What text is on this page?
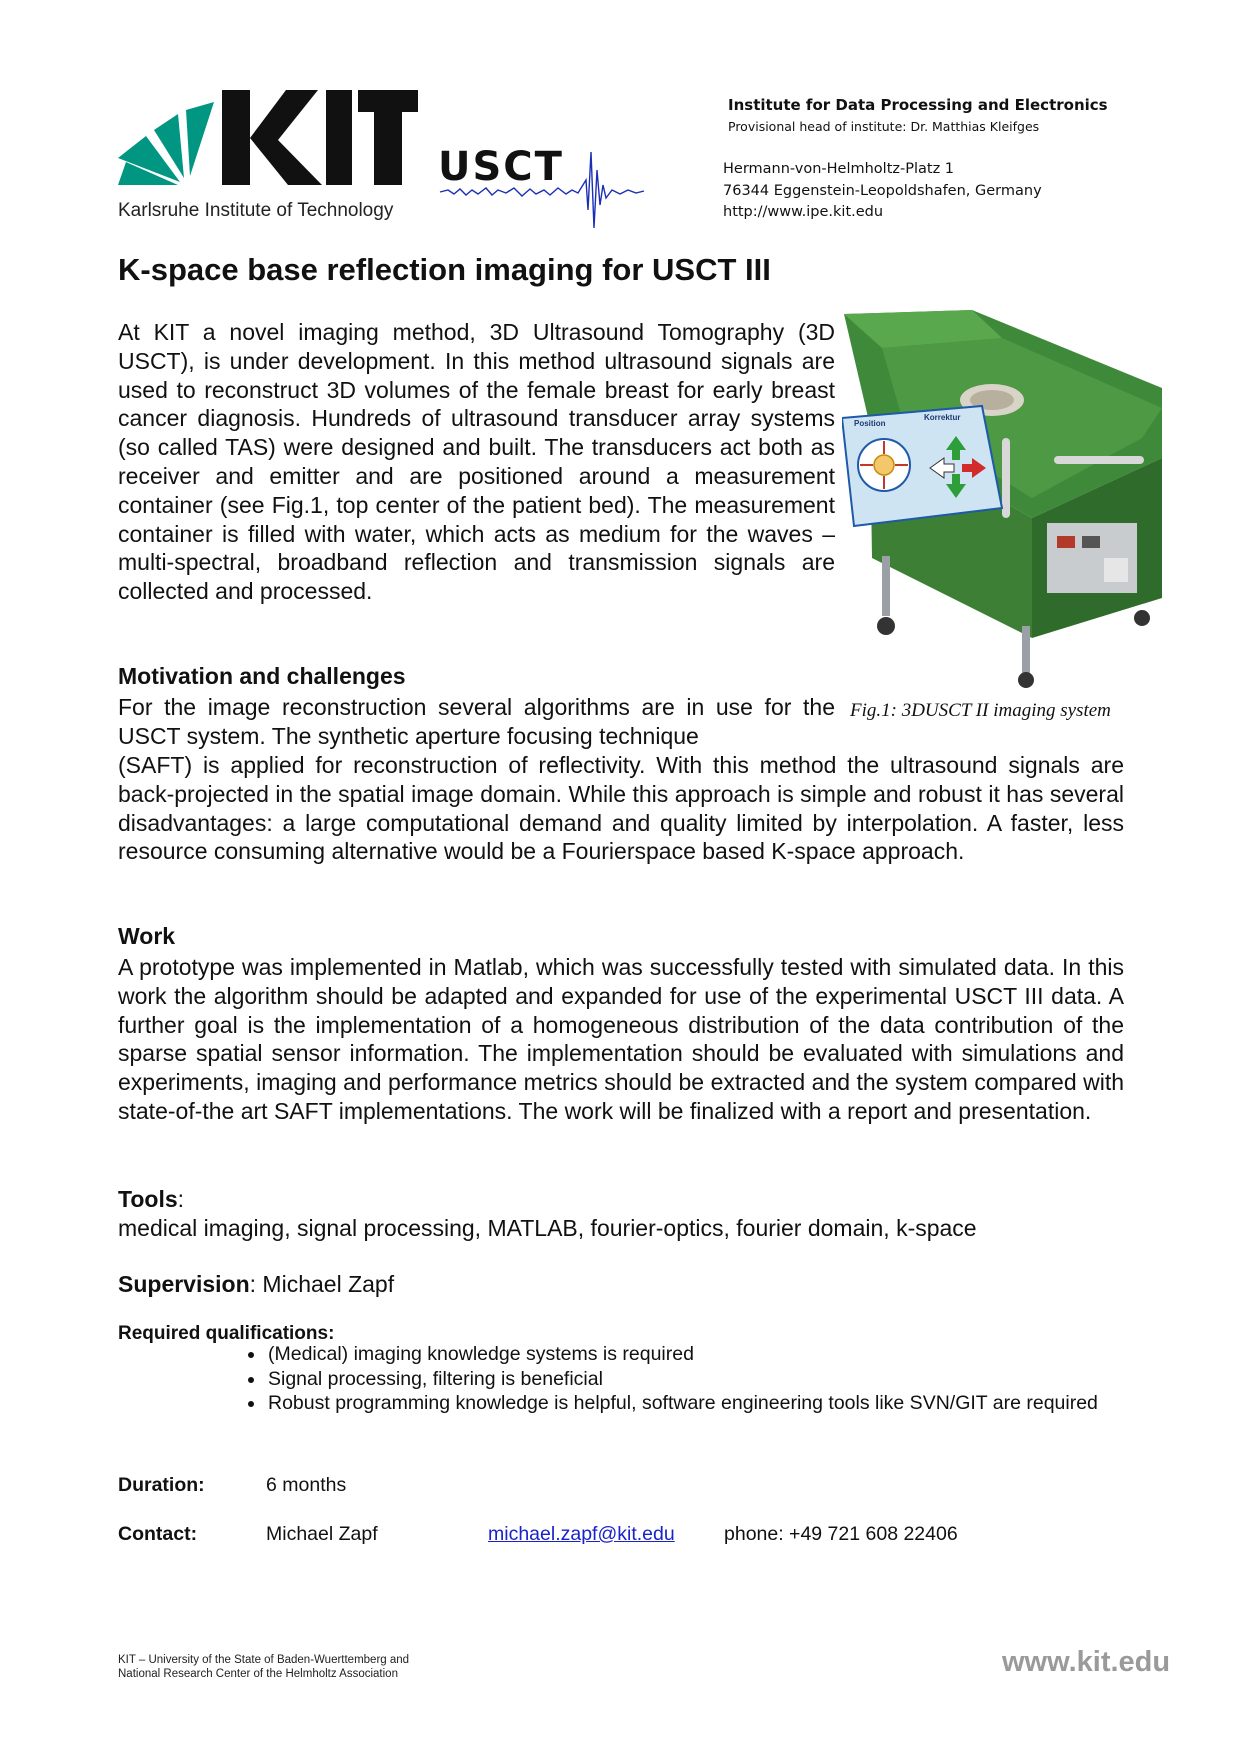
Karlsruhe Institute of Technology
USCT
Institute for Data Processing and Electronics
Provisional head of institute: Dr. Matthias Kleifges
Hermann-von-Helmholtz-Platz 1
76344 Eggenstein-Leopoldshafen, Germany
http://www.ipe.kit.edu
K-space base reflection imaging for USCT III

At KIT a novel imaging method, 3D Ultrasound Tomography (3D USCT), is under development. In this method ultrasound signals are used to reconstruct 3D volumes of the female breast for early breast cancer diagnosis. Hundreds of ultrasound transducer array systems (so called TAS) were designed and built. The transducers act both as receiver and emitter and are positioned around a measurement container (see Fig.1, top center of the patient bed). The measurement container is filled with water, which acts as medium for the waves – multi-spectral, broadband reflection and transmission signals are collected and processed.

Position
Korrektur
Fig.1: 3DUSCT II imaging system
Motivation and challenges

For the image reconstruction several algorithms are in use for the USCT system. The synthetic aperture focusing technique

(SAFT) is applied for reconstruction of reflectivity. With this method the ultrasound signals are back-projected in the spatial image domain. While this approach is simple and robust it has several disadvantages: a large computational demand and quality limited by interpolation. A faster, less resource consuming alternative would be a Fourierspace based K-space approach.

Work

A prototype was implemented in Matlab, which was successfully tested with simulated data. In this work the algorithm should be adapted and expanded for use of the experimental USCT III data. A further goal is the implementation of a homogeneous distribution of the data contribution of the sparse spatial sensor information. The implementation should be evaluated with simulations and experiments, imaging and performance metrics should be extracted and the system compared with state-of-the art SAFT implementations. The work will be finalized with a report and presentation.

Tools:
medical imaging, signal processing, MATLAB, fourier-optics, fourier domain, k-space
Supervision: Michael Zapf
Required qualifications:
• (Medical) imaging knowledge systems is required
• Signal processing, filtering is beneficial
• Robust programming knowledge is helpful, software engineering tools like SVN/GIT are required
Duration:	6 months
Contact:	Michael Zapf	michael.zapf@kit.edu	phone: +49 721 608 22406
KIT – University of the State of Baden-Wuerttemberg and
National Research Center of the Helmholtz Association	www.kit.edu
